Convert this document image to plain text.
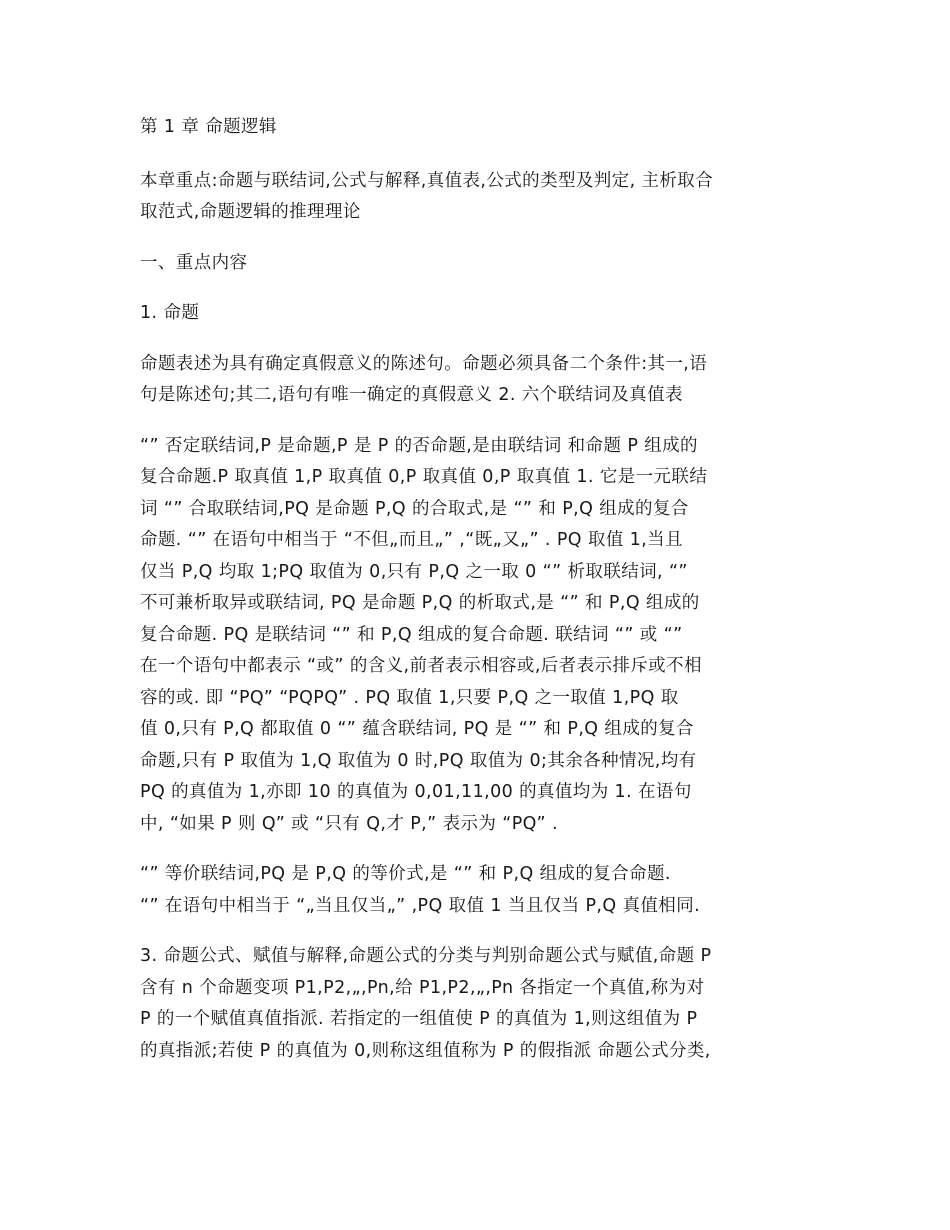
第 1 章 命题逻辑

本章重点:命题与联结词,公式与解释,真值表,公式的类型及判定, 主析取合
取范式,命题逻辑的推理理论

一、重点内容

1. 命题

命题表述为具有确定真假意义的陈述句。命题必须具备二个条件:其一,语
句是陈述句;其二,语句有唯一确定的真假意义 2. 六个联结词及真值表
“” 否定联结词,P 是命题,P 是 P 的否命题,是由联结词 和命题 P 组成的
复合命题.P 取真值 1,P 取真值 0,P 取真值 0,P 取真值 1. 它是一元联结
词 “” 合取联结词,PQ 是命题 P,Q 的合取式,是 “” 和 P,Q 组成的复合
命题. “” 在语句中相当于 “不但„而且„” ,“既„又„” . PQ 取值 1,当且
仅当 P,Q 均取 1;PQ 取值为 0,只有 P,Q 之一取 0 “” 析取联结词, “”
不可兼析取异或联结词, PQ 是命题 P,Q 的析取式,是 “” 和 P,Q 组成的
复合命题. PQ 是联结词 “” 和 P,Q 组成的复合命题. 联结词 “” 或 “”
在一个语句中都表示 “或” 的含义,前者表示相容或,后者表示排斥或不相
容的或. 即 “PQ” “PQPQ” . PQ 取值 1,只要 P,Q 之一取值 1,PQ 取
值 0,只有 P,Q 都取值 0 “” 蕴含联结词, PQ 是 “” 和 P,Q 组成的复合
命题,只有 P 取值为 1,Q 取值为 0 时,PQ 取值为 0;其余各种情况,均有
PQ 的真值为 1,亦即 10 的真值为 0,01,11,00 的真值均为 1. 在语句
中, “如果 P 则 Q” 或 “只有 Q,才 P,” 表示为 “PQ” .
“” 等价联结词,PQ 是 P,Q 的等价式,是 “” 和 P,Q 组成的复合命题.
“” 在语句中相当于 “„当且仅当„” ,PQ 取值 1 当且仅当 P,Q 真值相同.
3. 命题公式、赋值与解释,命题公式的分类与判别命题公式与赋值,命题 P
含有 n 个命题变项 P1,P2,„,Pn,给 P1,P2,„,Pn 各指定一个真值,称为对
P 的一个赋值真值指派. 若指定的一组值使 P 的真值为 1,则这组值为 P
的真指派;若使 P 的真值为 0,则称这组值称为 P 的假指派 命题公式分类,
